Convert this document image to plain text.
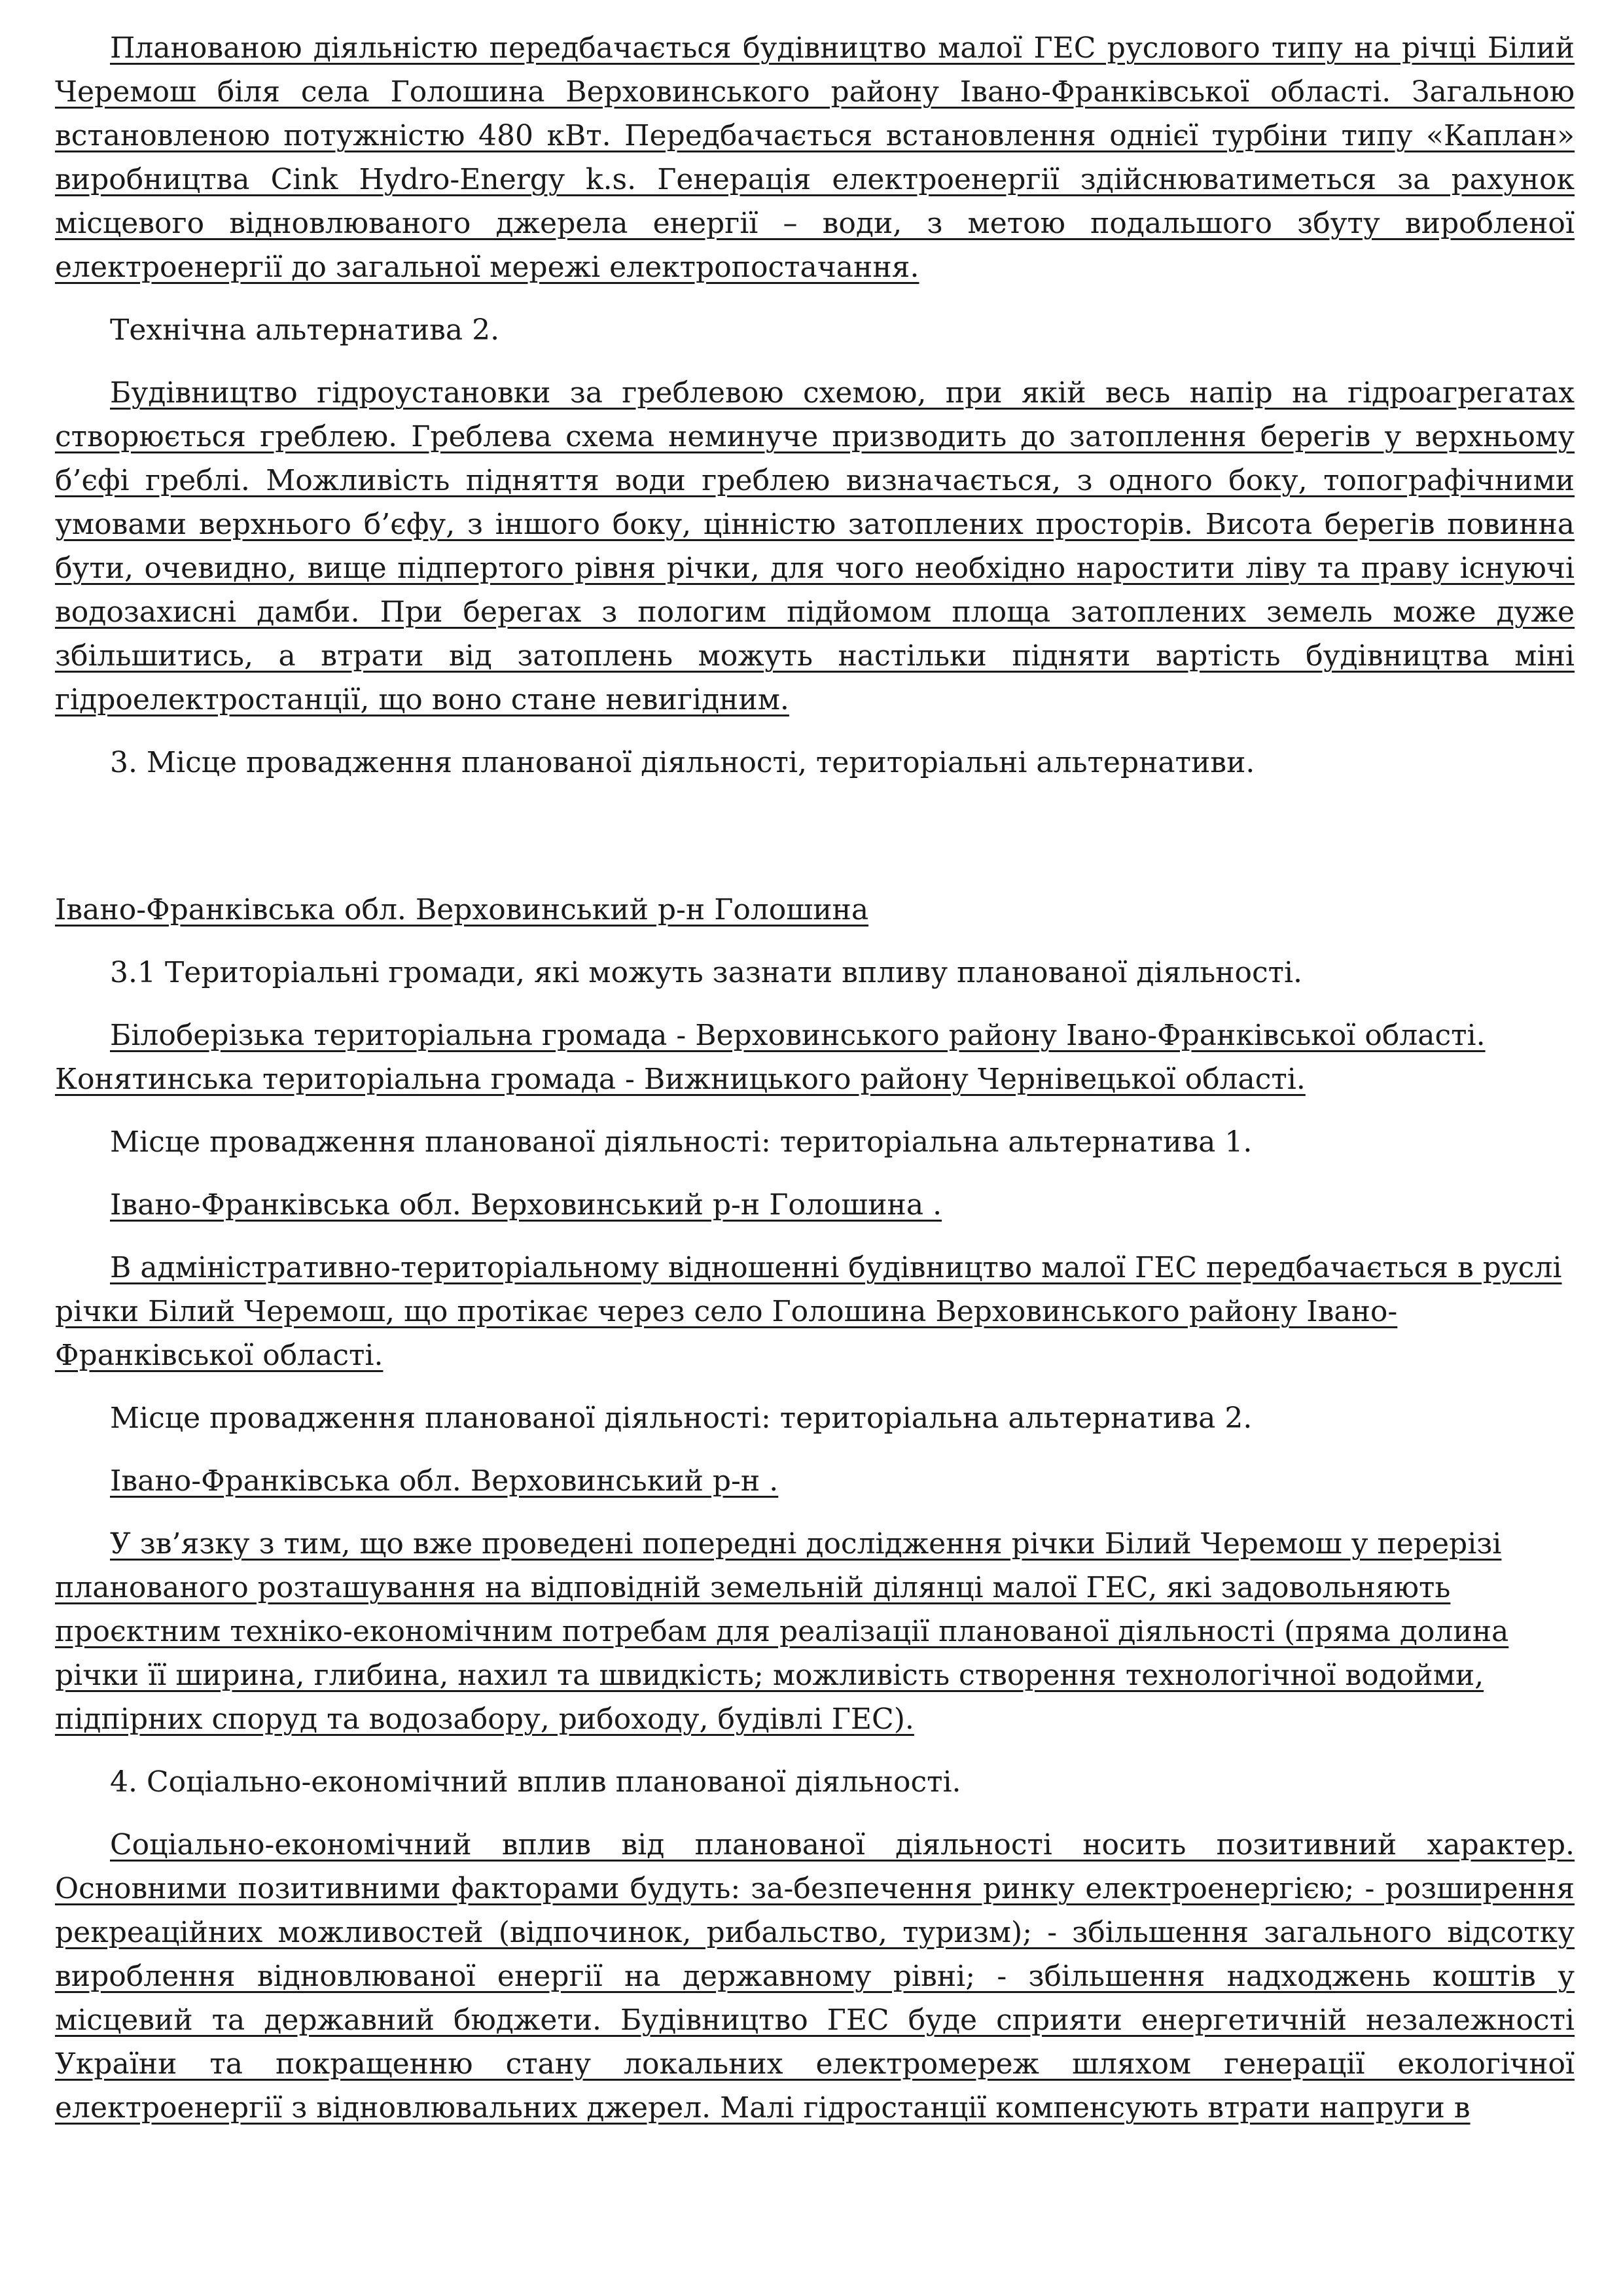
Планованою діяльністю передбачається будівництво малої ГЕС руслового типу на річці Білий Черемош біля села Голошина Верховинського району Івано-Франківської області. Загальною встановленою потужністю 480 кВт. Передбачається встановлення однієї турбіни типу «Каплан» виробництва Cink Hydro-Energy k.s. Генерація електроенергії здійснюватиметься за рахунок місцевого відновлюваного джерела енергії – води, з метою подальшого збуту виробленої електроенергії до загальної мережі електропостачання.

Технічна альтернатива 2.

Будівництво гідроустановки за греблевою схемою, при якій весь напір на гідроагрегатах створюється греблею. Греблева схема неминуче призводить до затоплення берегів у верхньому б’єфі греблі. Можливість підняття води греблею визначається, з одного боку, топографічними умовами верхнього б’єфу, з іншого боку, цінністю затоплених просторів. Висота берегів повинна бути, очевидно, вище підпертого рівня річки, для чого необхідно наростити ліву та праву існуючі водозахисні дамби. При берегах з пологим підйомом площа затоплених земель може дуже збільшитись, а втрати від затоплень можуть настільки підняти вартість будівництва міні гідроелектростанції, що воно стане невигідним.

3. Місце провадження планованої діяльності, територіальні альтернативи.

Івано-Франківська обл. Верховинський р-н Голошина

3.1 Територіальні громади, які можуть зазнати впливу планованої діяльності.

Білоберізька територіальна громада - Верховинського району Івано-Франківської області.

Конятинська територіальна громада - Вижницького району Чернівецької області.

Місце провадження планованої діяльності: територіальна альтернатива 1.

Івано-Франківська обл. Верховинський р-н Голошина .

В адміністративно-територіальному відношенні будівництво малої ГЕС передбачається в руслі річки Білий Черемош, що протікає через село Голошина Верховинського району Івано-Франківської області.

Місце провадження планованої діяльності: територіальна альтернатива 2.

Івано-Франківська обл. Верховинський р-н .

У зв’язку з тим, що вже проведені попередні дослідження річки Білий Черемош у перерізі планованого розташування на відповідній земельній ділянці малої ГЕС, які задовольняють проєктним техніко-економічним потребам для реалізації планованої діяльності (пряма долина річки її ширина, глибина, нахил та швидкість; можливість створення технологічної водойми, підпірних споруд та водозабору, рибоходу, будівлі ГЕС).

4. Соціально-економічний вплив планованої діяльності.

Соціально-економічний вплив від планованої діяльності носить позитивний характер. Основними позитивними факторами будуть: за-безпечення ринку електроенергією; - розширення рекреаційних можливостей (відпочинок, рибальство, туризм); - збільшення загального відсотку вироблення відновлюваної енергії на державному рівні; - збільшення надходжень коштів у місцевий та державний бюджети. Будівництво ГЕС буде сприяти енергетичній незалежності України та покращенню стану локальних електромереж шляхом генерації екологічної електроенергії з відновлювальних джерел. Малі гідростанції компенсують втрати напруги в
